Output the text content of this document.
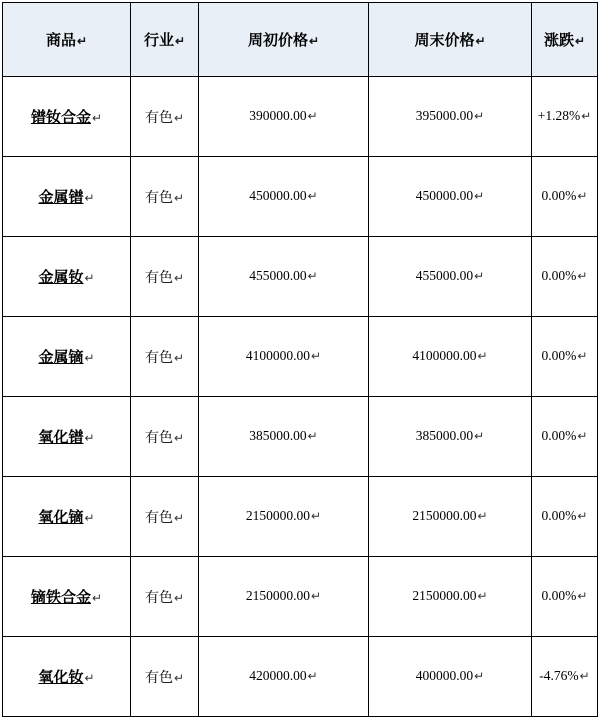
商品↵	行业↵	周初价格↵	周末价格↵	涨跌↵
镨钕合金↵	有色↵	390000.00↵	395000.00↵	+1.28%↵
金属镨↵	有色↵	450000.00↵	450000.00↵	0.00%↵
金属钕↵	有色↵	455000.00↵	455000.00↵	0.00%↵
金属镝↵	有色↵	4100000.00↵	4100000.00↵	0.00%↵
氧化镨↵	有色↵	385000.00↵	385000.00↵	0.00%↵
氧化镝↵	有色↵	2150000.00↵	2150000.00↵	0.00%↵
镝铁合金↵	有色↵	2150000.00↵	2150000.00↵	0.00%↵
氧化钕↵	有色↵	420000.00↵	400000.00↵	-4.76%↵
